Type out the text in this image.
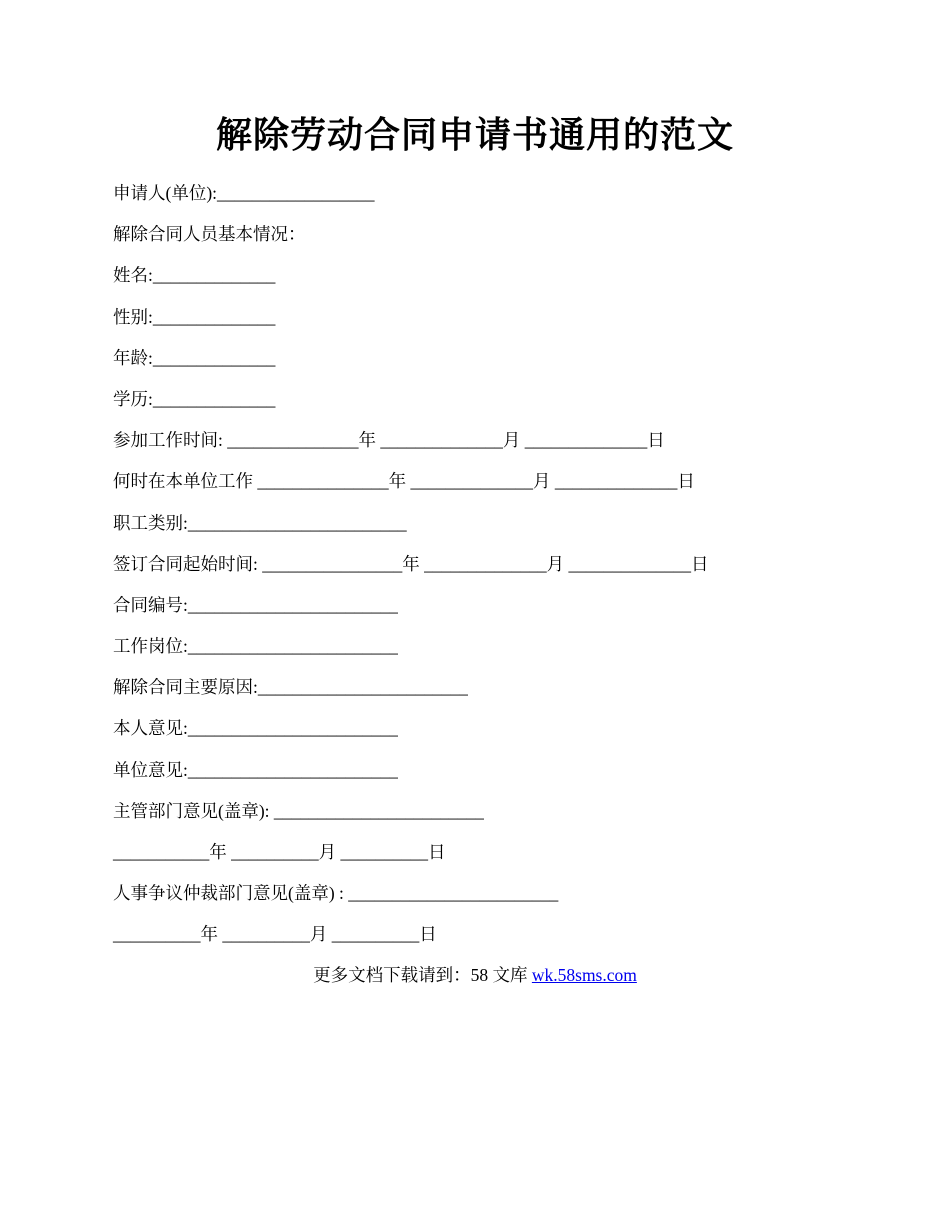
解除劳动合同申请书通用的范文
申请人(单位):__________________
解除合同人员基本情况：
姓名:______________
性别:______________
年龄:______________
学历:______________
参加工作时间: _______________年 ______________月 ______________日
何时在本单位工作 _______________年 ______________月 ______________日
职工类别:_________________________
签订合同起始时间: ________________年 ______________月 ______________日
合同编号:________________________
工作岗位:________________________
解除合同主要原因:________________________
本人意见:________________________
单位意见:________________________
主管部门意见(盖章): ________________________
___________年 __________月 __________日
人事争议仲裁部门意见(盖章) : ________________________
__________年 __________月 __________日
更多文档下载请到：58 文库 wk.58sms.com
